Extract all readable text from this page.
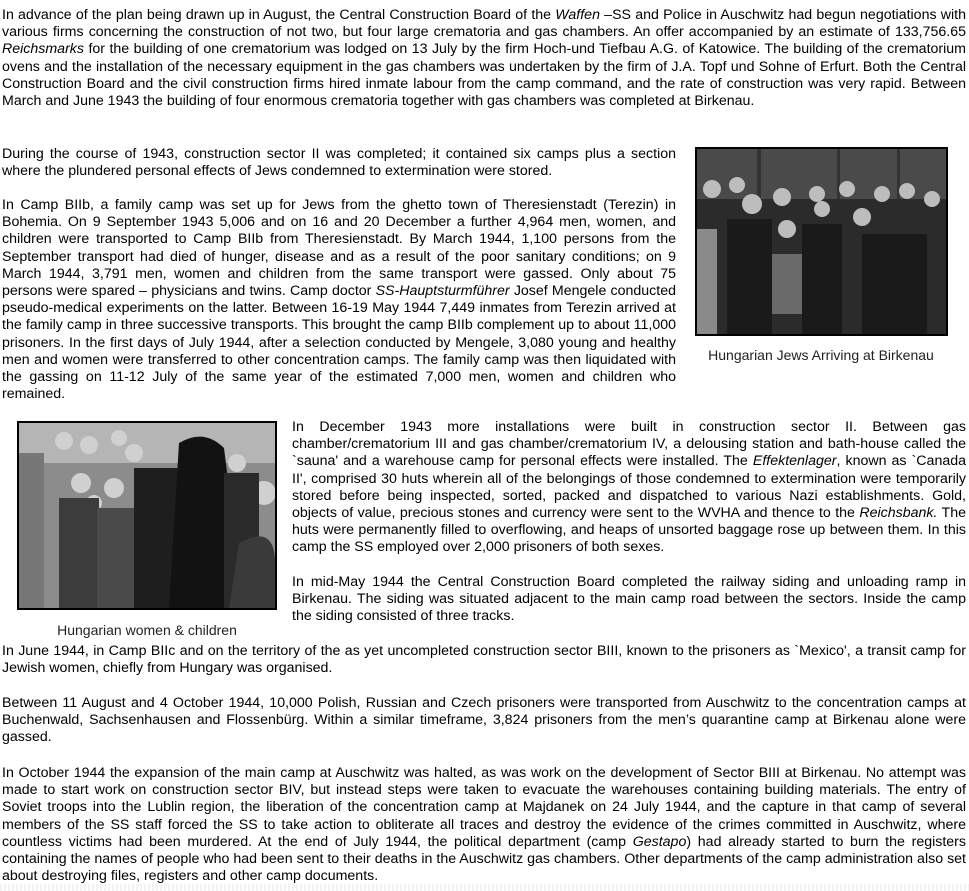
In advance of the plan being drawn up in August, the Central Construction Board of the Waffen –SS and Police in Auschwitz had begun negotiations with various firms concerning the construction of not two, but four large crematoria and gas chambers. An offer accompanied by an estimate of 133,756.65 Reichsmarks for the building of one crematorium was lodged on 13 July by the firm Hoch-und Tiefbau A.G. of Katowice. The building of the crematorium ovens and the installation of the necessary equipment in the gas chambers was undertaken by the firm of J.A. Topf und Sohne of Erfurt. Both the Central Construction Board and the civil construction firms hired inmate labour from the camp command, and the rate of construction was very rapid. Between March and June 1943 the building of four enormous crematoria together with gas chambers was completed at Birkenau.

During the course of 1943, construction sector II was completed; it contained six camps plus a section where the plundered personal effects of Jews condemned to extermination were stored.

In Camp BIIb, a family camp was set up for Jews from the ghetto town of Theresienstadt (Terezin) in Bohemia. On 9 September 1943 5,006 and on 16 and 20 December a further 4,964 men, women, and children were transported to Camp BIIb from Theresienstadt. By March 1944, 1,100 persons from the September transport had died of hunger, disease and as a result of the poor sanitary conditions; on 9 March 1944, 3,791 men, women and children from the same transport were gassed. Only about 75 persons were spared – physicians and twins. Camp doctor SS-Hauptsturmführer Josef Mengele conducted pseudo-medical experiments on the latter. Between 16-19 May 1944 7,449 inmates from Terezin arrived at the family camp in three successive transports. This brought the camp BIIb complement up to about 11,000 prisoners. In the first days of July 1944, after a selection conducted by Mengele, 3,080 young and healthy men and women were transferred to other concentration camps. The family camp was then liquidated with the gassing on 11-12 July of the same year of the estimated 7,000 men, women and children who remained.

Hungarian Jews Arriving at Birkenau
Hungarian women & children

In December 1943 more installations were built in construction sector II. Between gas chamber/crematorium III and gas chamber/crematorium IV, a delousing station and bath-house called the `sauna' and a warehouse camp for personal effects were installed. The Effektenlager, known as `Canada II', comprised 30 huts wherein all of the belongings of those condemned to extermination were temporarily stored before being inspected, sorted, packed and dispatched to various Nazi establishments. Gold, objects of value, precious stones and currency were sent to the WVHA and thence to the Reichsbank. The huts were permanently filled to overflowing, and heaps of unsorted baggage rose up between them. In this camp the SS employed over 2,000 prisoners of both sexes.

In mid-May 1944 the Central Construction Board completed the railway siding and unloading ramp in Birkenau. The siding was situated adjacent to the main camp road between the sectors. Inside the camp the siding consisted of three tracks.

In June 1944, in Camp BIIc and on the territory of the as yet uncompleted construction sector BIII, known to the prisoners as `Mexico', a transit camp for Jewish women, chiefly from Hungary was organised.

Between 11 August and 4 October 1944, 10,000 Polish, Russian and Czech prisoners were transported from Auschwitz to the concentration camps at Buchenwald, Sachsenhausen and Flossenbürg. Within a similar timeframe, 3,824 prisoners from the men’s quarantine camp at Birkenau alone were gassed.

In October 1944 the expansion of the main camp at Auschwitz was halted, as was work on the development of Sector BIII at Birkenau. No attempt was made to start work on construction sector BIV, but instead steps were taken to evacuate the warehouses containing building materials. The entry of Soviet troops into the Lublin region, the liberation of the concentration camp at Majdanek on 24 July 1944, and the capture in that camp of several members of the SS staff forced the SS to take action to obliterate all traces and destroy the evidence of the crimes committed in Auschwitz, where countless victims had been murdered. At the end of July 1944, the political department (camp Gestapo) had already started to burn the registers containing the names of people who had been sent to their deaths in the Auschwitz gas chambers. Other departments of the camp administration also set about destroying files, registers and other camp documents.
